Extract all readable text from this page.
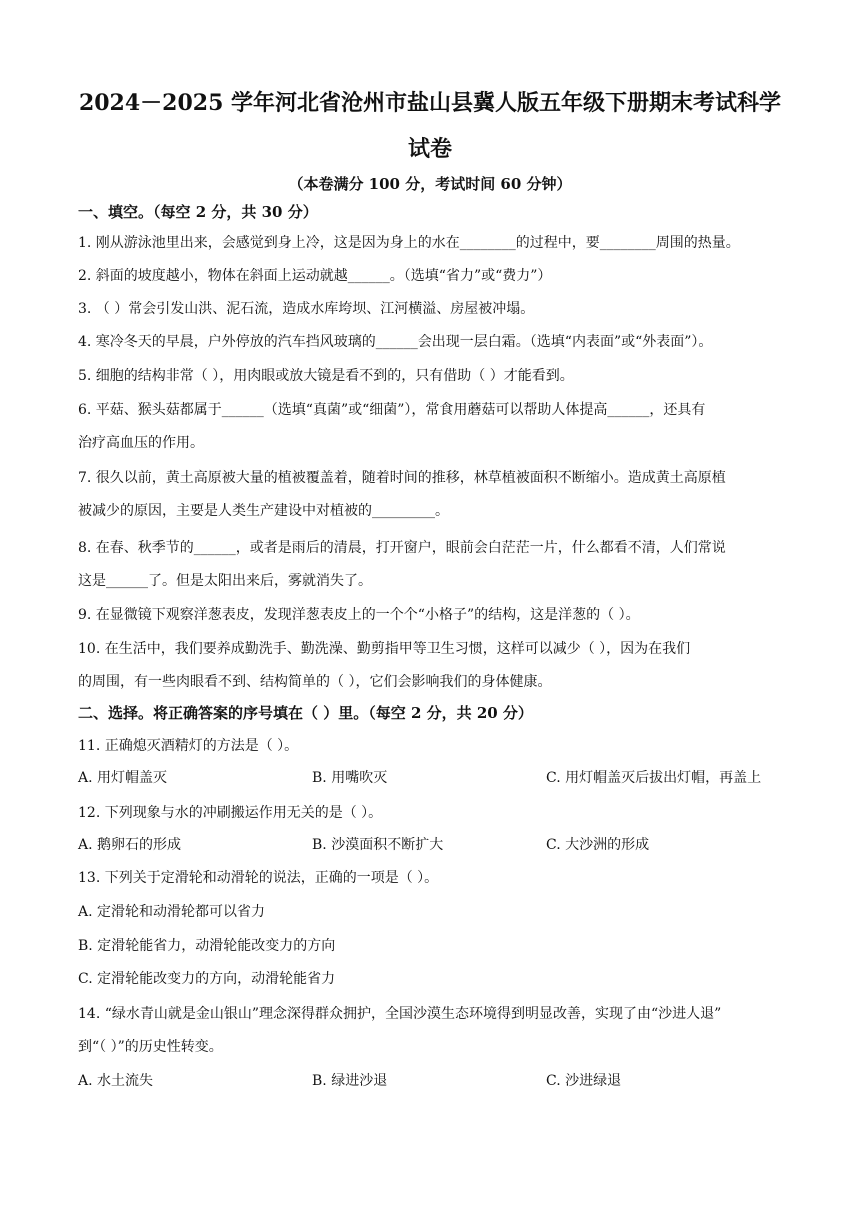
2024－2025 学年河北省沧州市盐山县冀人版五年级下册期末考试科学
试卷
（本卷满分 100 分，考试时间 60 分钟）
一、填空。（每空 2 分，共 30 分）
1. 刚从游泳池里出来，会感觉到身上冷，这是因为身上的水在________的过程中，要________周围的热量。
2. 斜面的坡度越小，物体在斜面上运动就越______。（选填“省力”或“费力”）
3. （ ）常会引发山洪、泥石流，造成水库垮坝、江河横溢、房屋被冲塌。
4. 寒冷冬天的早晨，户外停放的汽车挡风玻璃的______会出现一层白霜。（选填“内表面”或“外表面”）。
5. 细胞的结构非常（ ），用肉眼或放大镜是看不到的，只有借助（ ）才能看到。
6. 平菇、猴头菇都属于______（选填“真菌”或“细菌”），常食用蘑菇可以帮助人体提高______，还具有
治疗高血压的作用。
7. 很久以前，黄土高原被大量的植被覆盖着，随着时间的推移，林草植被面积不断缩小。造成黄土高原植
被减少的原因，主要是人类生产建设中对植被的_________。
8. 在春、秋季节的______，或者是雨后的清晨，打开窗户，眼前会白茫茫一片，什么都看不清，人们常说
这是______了。但是太阳出来后，雾就消失了。
9. 在显微镜下观察洋葱表皮，发现洋葱表皮上的一个个“小格子”的结构，这是洋葱的（ ）。
10. 在生活中，我们要养成勤洗手、勤洗澡、勤剪指甲等卫生习惯，这样可以减少（ ），因为在我们
的周围，有一些肉眼看不到、结构简单的（ ），它们会影响我们的身体健康。
二、选择。将正确答案的序号填在（ ）里。（每空 2 分，共 20 分）
11. 正确熄灭酒精灯的方法是（ ）。
A. 用灯帽盖灭	B. 用嘴吹灭	C. 用灯帽盖灭后拔出灯帽，再盖上
12. 下列现象与水的冲刷搬运作用无关的是（ ）。
A. 鹅卵石的形成	B. 沙漠面积不断扩大	C. 大沙洲的形成
13. 下列关于定滑轮和动滑轮的说法，正确的一项是（ ）。
A. 定滑轮和动滑轮都可以省力
B. 定滑轮能省力，动滑轮能改变力的方向
C. 定滑轮能改变力的方向，动滑轮能省力
14. “绿水青山就是金山银山”理念深得群众拥护，全国沙漠生态环境得到明显改善，实现了由“沙进人退”
到“（ ）”的历史性转变。
A. 水土流失	B. 绿进沙退	C. 沙进绿退
